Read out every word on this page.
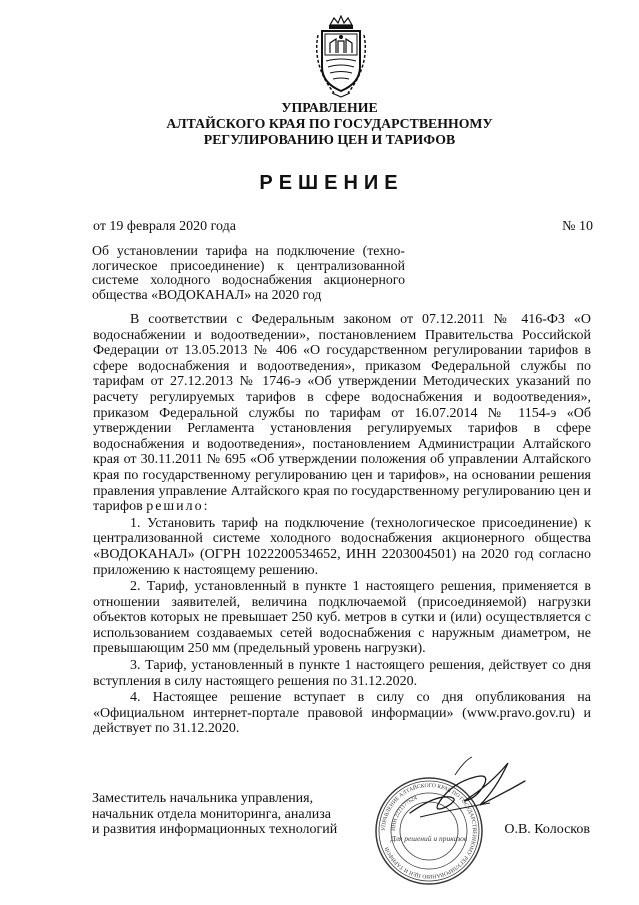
УПРАВЛЕНИЕ
АЛТАЙСКОГО КРАЯ ПО ГОСУДАРСТВЕННОМУ
РЕГУЛИРОВАНИЮ ЦЕН И ТАРИФОВ
РЕШЕНИЕ
от 19 февраля 2020 года	№ 10
Об установлении тарифа на подключение (техно-
логическое присоединение) к централизованной
системе холодного водоснабжения акционерного
общества «ВОДОКАНАЛ» на 2020 год

В соответствии с Федеральным законом от 07.12.2011 № 416-ФЗ «О водоснабжении и водоотведении», постановлением Правительства Российской Федерации от 13.05.2013 № 406 «О государственном регулировании тарифов в сфере водоснабжения и водоотведения», приказом Федеральной службы по тарифам от 27.12.2013 № 1746-э «Об утверждении Методических указаний по расчету регулируемых тарифов в сфере водоснабжения и водоотведения», приказом Федеральной службы по тарифам от 16.07.2014 № 1154-э «Об утверждении Регламента установления регулируемых тарифов в сфере водоснабжения и водоотведения», постановлением Администрации Алтайского края от 30.11.2011 № 695 «Об утверждении положения об управлении Алтайского края по государственному регулированию цен и тарифов», на основании решения правления управление Алтайского края по государственному регулированию цен и тарифов решило:

1. Установить тариф на подключение (технологическое присоединение) к централизованной системе холодного водоснабжения акционерного общества «ВОДОКАНАЛ» (ОГРН 1022200534652, ИНН 2203004501) на 2020 год согласно приложению к настоящему решению.

2. Тариф, установленный в пункте 1 настоящего решения, применяется в отношении заявителей, величина подключаемой (присоединяемой) нагрузки объектов которых не превышает 250 куб. метров в сутки и (или) осуществляется с использованием создаваемых сетей водоснабжения с наружным диаметром, не превышающим 250 мм (предельный уровень нагрузки).

3. Тариф, установленный в пункте 1 настоящего решения, действует со дня вступления в силу настоящего решения по 31.12.2020.

4. Настоящее решение вступает в силу со дня опубликования на «Официальном интернет-портале правовой информации» (www.pravo.gov.ru) и действует по 31.12.2020.

Заместитель начальника управления,
начальник отдела мониторинга, анализа
и развития информационных технологий	УПРАВЛЕНИЕ АЛТАЙСКОГО КРАЯ ПО ГОСУДАРСТВЕННОМУ РЕГУЛИРОВАНИЮ ЦЕН И ТАРИФОВ
ИНН 2221177624
Для решений и приказов
О.В. Колосков
